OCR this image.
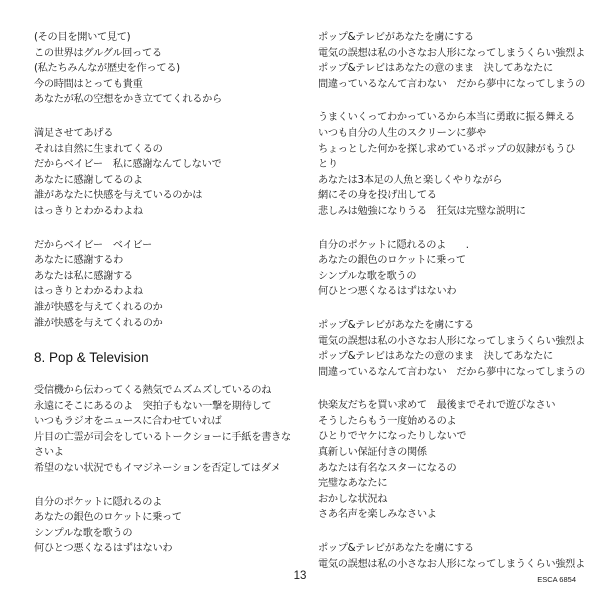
(その目を開いて見て)
この世界はグルグル回ってる
(私たちみんなが歴史を作ってる)
今の時間はとっても貴重
あなたが私の空想をかき立ててくれるから
満足させてあげる
それは自然に生まれてくるの
だからベイビー　私に感謝なんてしないで
あなたに感謝してるのよ
誰があなたに快感を与えているのかは
はっきりとわかるわよね
だからベイビー　ベイビー
あなたに感謝するわ
あなたは私に感謝する
はっきりとわかるわよね
誰が快感を与えてくれるのか
誰が快感を与えてくれるのか
8. Pop & Television
受信機から伝わってくる熱気でムズムズしているのね
永遠にそこにあるのよ　突拍子もない一撃を期待して
いつもラジオをニュースに合わせていれば
片目の亡霊が司会をしているトークショーに手紙を書きな
さいよ
希望のない状況でもイマジネーションを否定してはダメ
自分のポケットに隠れるのよ
あなたの銀色のロケットに乗って
シンプルな歌を歌うの
何ひとつ悪くなるはずはないわ
ポップ&テレビがあなたを虜にする
電気の誤想は私の小さなお人形になってしまうくらい強烈よ
ポップ&テレビはあなたの意のまま　決してあなたに
間違っているなんて言わない　だから夢中になってしまうの
うまくいくってわかっているから本当に勇敢に振る舞える
いつも自分の人生のスクリーンに夢や
ちょっとした何かを探し求めているポップの奴隷がもうひ
とり
あなたは3本足の人魚と楽しくやりながら
網にその身を投げ出してる
悲しみは勉強になりうる　狂気は完璧な説明に
自分のポケットに隠れるのよ　　.
あなたの銀色のロケットに乗って
シンプルな歌を歌うの
何ひとつ悪くなるはずはないわ
ポップ&テレビがあなたを虜にする
電気の誤想は私の小さなお人形になってしまうくらい強烈よ
ポップ&テレビはあなたの意のまま　決してあなたに
間違っているなんて言わない　だから夢中になってしまうの
快楽友だちを買い求めて　最後までそれで遊びなさい
そうしたらもう一度始めるのよ
ひとりでヤケになったりしないで
真新しい保証付きの関係
あなたは有名なスターになるの
完璧なあなたに
おかしな状況ね
さあ名声を楽しみなさいよ
ポップ&テレビがあなたを虜にする
電気の誤想は私の小さなお人形になってしまうくらい強烈よ
13	ESCA 6854
